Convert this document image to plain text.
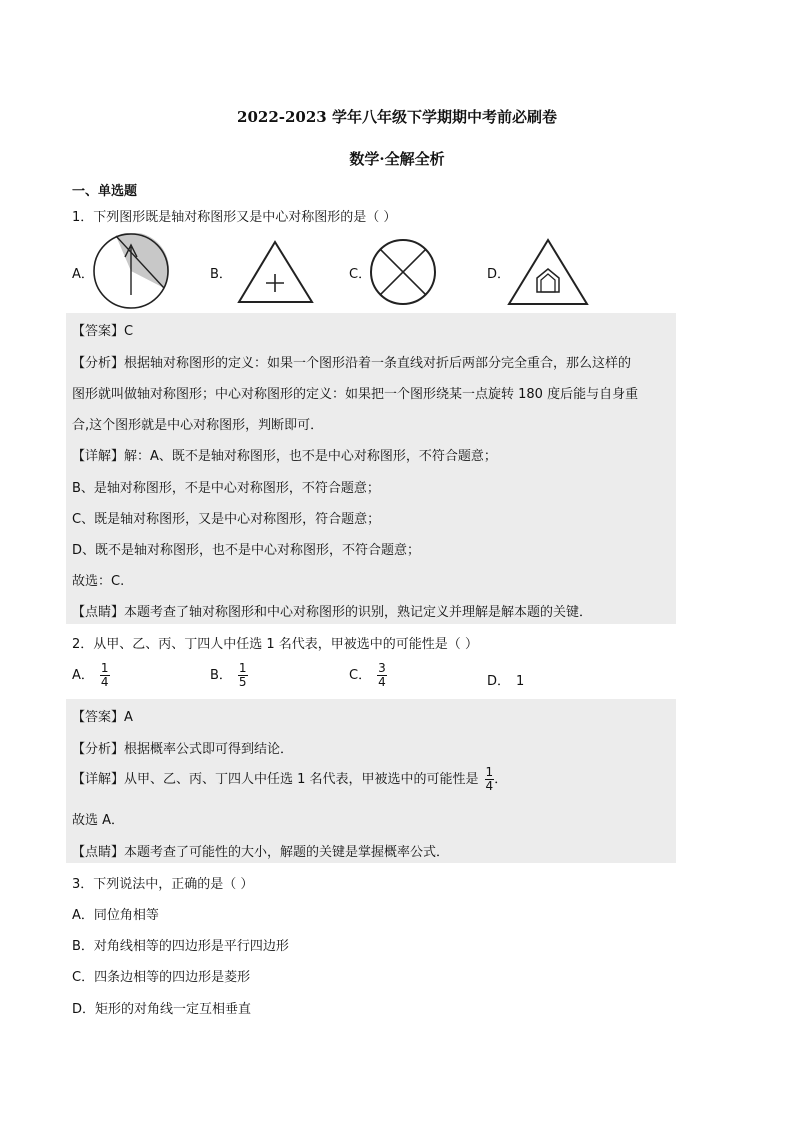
2022-2023 学年八年级下学期期中考前必刷卷
数学·全解全析
一、单选题
1．下列图形既是轴对称图形又是中心对称图形的是（ ）
A．	B．	C．	D．
【答案】C
【分析】根据轴对称图形的定义：如果一个图形沿着一条直线对折后两部分完全重合，那么这样的
图形就叫做轴对称图形；中心对称图形的定义：如果把一个图形绕某一点旋转 180 度后能与自身重
合,这个图形就是中心对称图形，判断即可．
【详解】解：A、既不是轴对称图形，也不是中心对称图形，不符合题意；
B、是轴对称图形，不是中心对称图形，不符合题意；
C、既是轴对称图形，又是中心对称图形，符合题意；
D、既不是轴对称图形，也不是中心对称图形，不符合题意；
故选：C.
【点睛】本题考查了轴对称图形和中心对称图形的识别，熟记定义并理解是解本题的关键．
2．从甲、乙、丙、丁四人中任选 1 名代表，甲被选中的可能性是（ ）
A． $\frac{1}{4}$	B． $\frac{1}{5}$	C． $\frac{3}{4}$	D． 1
【答案】A
【分析】根据概率公式即可得到结论．
【详解】从甲、乙、丙、丁四人中任选 1 名代表，甲被选中的可能性是 $\frac{1}{4}$ ．
故选 A．
【点睛】本题考查了可能性的大小，解题的关键是掌握概率公式．
3．下列说法中，正确的是（ ）
A．同位角相等
B．对角线相等的四边形是平行四边形
C．四条边相等的四边形是菱形
D．矩形的对角线一定互相垂直
